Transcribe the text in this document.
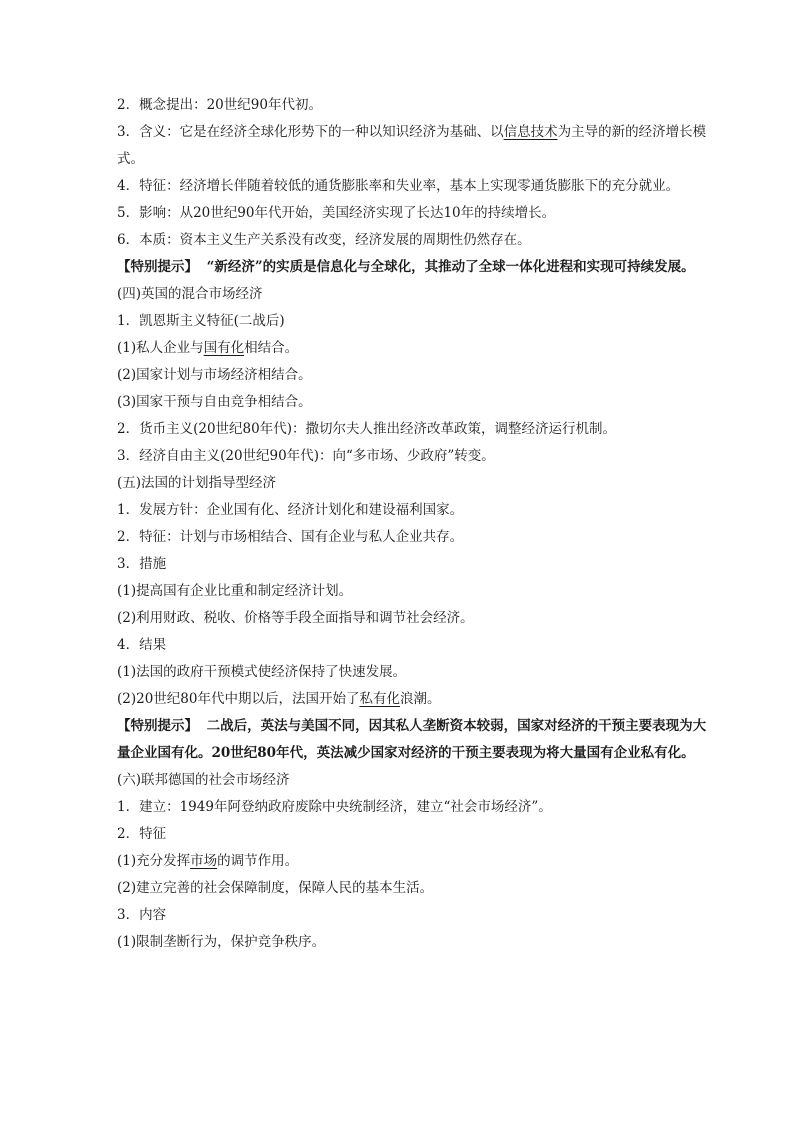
2．概念提出：20世纪90年代初。
3．含义：它是在经济全球化形势下的一种以知识经济为基础、以信息技术为主导的新的经济增长模式。
4．特征：经济增长伴随着较低的通货膨胀率和失业率，基本上实现零通货膨胀下的充分就业。
5．影响：从20世纪90年代开始，美国经济实现了长达10年的持续增长。
6．本质：资本主义生产关系没有改变，经济发展的周期性仍然存在。
【特别提示】 “新经济”的实质是信息化与全球化，其推动了全球一体化进程和实现可持续发展。
(四)英国的混合市场经济
1．凯恩斯主义特征(二战后)
(1)私人企业与国有化相结合。
(2)国家计划与市场经济相结合。
(3)国家干预与自由竞争相结合。
2．货币主义(20世纪80年代)：撒切尔夫人推出经济改革政策，调整经济运行机制。
3．经济自由主义(20世纪90年代)：向“多市场、少政府”转变。
(五)法国的计划指导型经济
1．发展方针：企业国有化、经济计划化和建设福利国家。
2．特征：计划与市场相结合、国有企业与私人企业共存。
3．措施
(1)提高国有企业比重和制定经济计划。
(2)利用财政、税收、价格等手段全面指导和调节社会经济。
4．结果
(1)法国的政府干预模式使经济保持了快速发展。
(2)20世纪80年代中期以后，法国开始了私有化浪潮。
【特别提示】 二战后，英法与美国不同，因其私人垄断资本较弱，国家对经济的干预主要表现为大量企业国有化。20世纪80年代，英法减少国家对经济的干预主要表现为将大量国有企业私有化。
(六)联邦德国的社会市场经济
1．建立：1949年阿登纳政府废除中央统制经济，建立“社会市场经济”。
2．特征
(1)充分发挥市场的调节作用。
(2)建立完善的社会保障制度，保障人民的基本生活。
3．内容
(1)限制垄断行为，保护竞争秩序。
